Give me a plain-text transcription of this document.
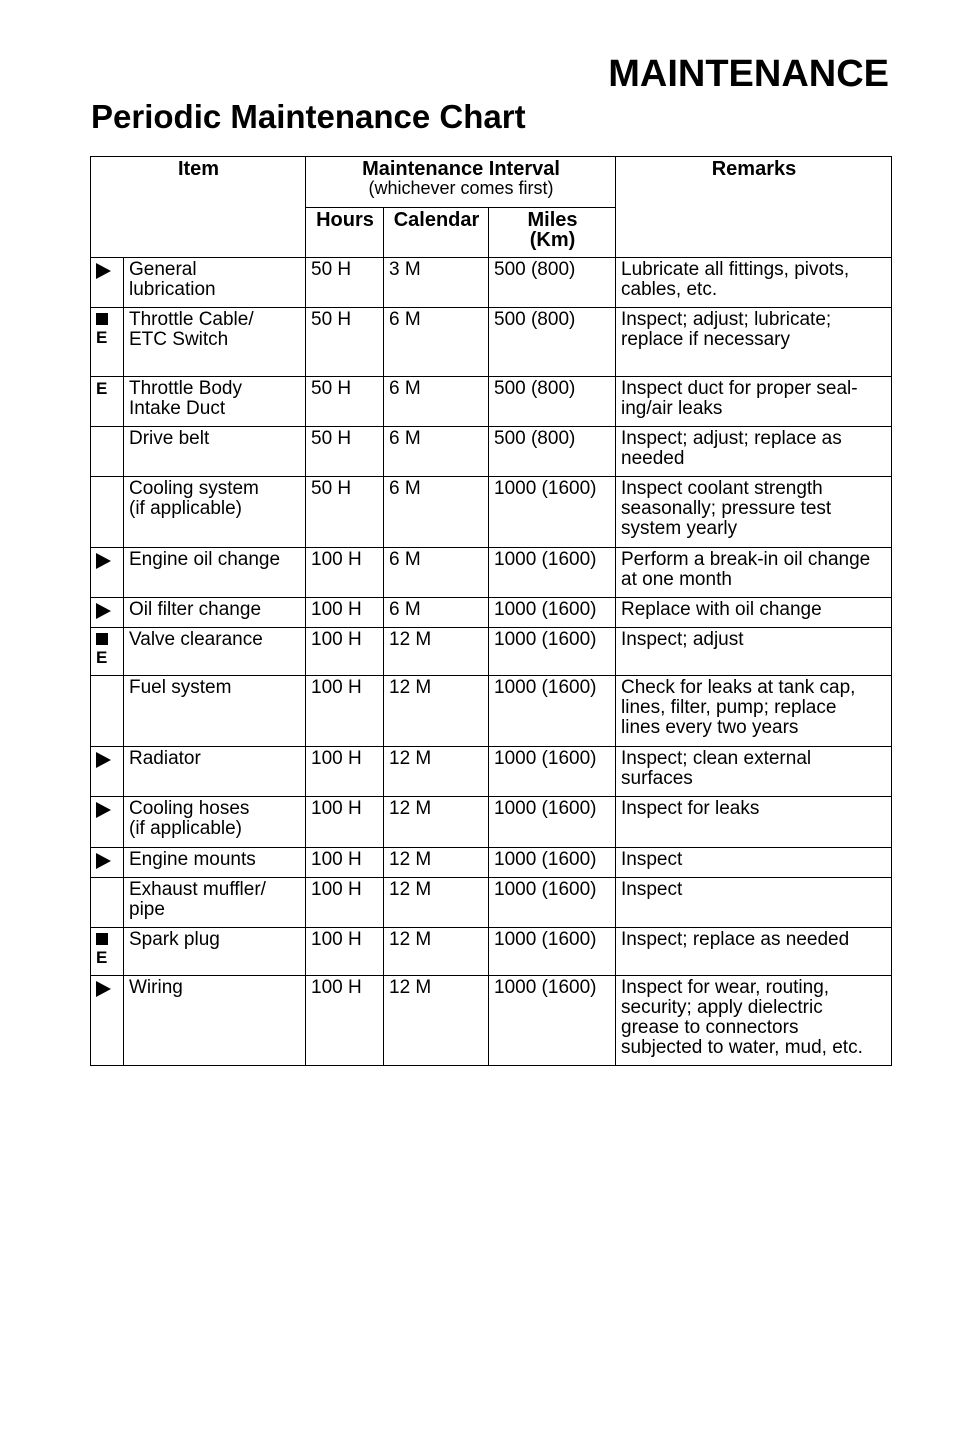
MAINTENANCE
Periodic Maintenance Chart
Item		Maintenance Interval
(whichever comes first)			Remarks
		Hours	Calendar	Miles
(Km)	
	General
lubrication	50 H	3 M	500 (800)	Lubricate all fittings, pivots,
cables, etc.

E	Throttle Cable/
ETC Switch	50 H	6 M	500 (800)	Inspect; adjust; lubricate;
replace if necessary

E	Throttle Body
Intake Duct	50 H	6 M	500 (800)	Inspect duct for proper seal-
ing/air leaks
	Drive belt	50 H	6 M	500 (800)	Inspect; adjust; replace as
needed
	Cooling system
(if applicable)	50 H	6 M	1000 (1600)	Inspect coolant strength
seasonally; pressure test
system yearly
	Engine oil change	100 H	6 M	1000 (1600)	Perform a break-in oil change
at one month
	Oil filter change	100 H	6 M	1000 (1600)	Replace with oil change

E	Valve clearance	100 H	12 M	1000 (1600)	Inspect; adjust
	Fuel system	100 H	12 M	1000 (1600)	Check for leaks at tank cap,
lines, filter, pump; replace
lines every two years
	Radiator	100 H	12 M	1000 (1600)	Inspect; clean external
surfaces
	Cooling hoses
(if applicable)	100 H	12 M	1000 (1600)	Inspect for leaks
	Engine mounts	100 H	12 M	1000 (1600)	Inspect
	Exhaust muffler/
pipe	100 H	12 M	1000 (1600)	Inspect

E	Spark plug	100 H	12 M	1000 (1600)	Inspect; replace as needed
	Wiring	100 H	12 M	1000 (1600)	Inspect for wear, routing,
security; apply dielectric
grease to connectors
subjected to water, mud, etc.
